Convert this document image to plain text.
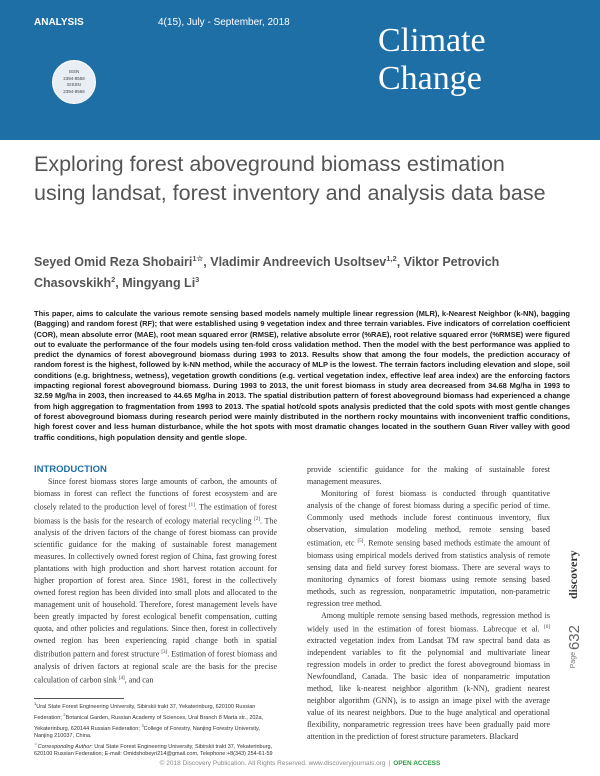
ANALYSIS	4(15), July - September, 2018	Climate
Change
ISSN
2394-8558
EISSN
2394-8566
Exploring forest aboveground biomass estimation using landsat, forest inventory and analysis data base
Seyed Omid Reza Shobairi$^{1☆}$, Vladimir Andreevich Usoltsev$^{1,2}$, Viktor Petrovich Chasovskikh$^2$, Mingyang Li$^3$

This paper, aims to calculate the various remote sensing based models namely multiple linear regression (MLR), k-Nearest Neighbor (k-NN), bagging (Bagging) and random forest (RF); that were established using 9 vegetation index and three terrain variables. Five indicators of correlation coefficient (COR), mean absolute error (MAE), root mean squared error (RMSE), relative absolute error (%RAE), root relative squared error (%RMSE) were figured out to evaluate the performance of the four models using ten-fold cross validation method. Then the model with the best performance was applied to predict the dynamics of forest aboveground biomass during 1993 to 2013. Results show that among the four models, the prediction accuracy of random forest is the highest, followed by k-NN method, while the accuracy of MLP is the lowest. The terrain factors including elevation and slope, soil conditions (e.g. brightness, wetness), vegetation growth conditions (e.g. vertical vegetation index, effective leaf area index) are the enforcing factors impacting regional forest aboveground biomass. During 1993 to 2013, the unit forest biomass in study area decreased from 34.68 Mg/ha in 1993 to 32.59 Mg/ha in 2003, then increased to 44.65 Mg/ha in 2013. The spatial distribution pattern of forest aboveground biomass had experienced a change from high aggregation to fragmentation from 1993 to 2013. The spatial hot/cold spots analysis predicted that the cold spots with most gentle changes of forest aboveground biomass during research period were mainly distributed in the northern rocky mountains with inconvenient traffic conditions, high forest cover and less human disturbance, while the hot spots with most dramatic changes located in the southern Guan River valley with good traffic conditions, high population density and gentle slope.

INTRODUCTION

Since forest biomass stores large amounts of carbon, the amounts of biomass in forest can reflect the functions of forest ecosystem and are closely related to the production level of forest [1]. The estimation of forest biomass is the basis for the research of ecology material recycling [2]. The analysis of the driven factors of the change of forest biomass can provide scientific guidance for the making of sustainable forest management measures. In collectively owned forest region of China, fast growing forest plantations with high production and short harvest rotation account for higher proportion of forest area. Since 1981, forest in the collectively owned forest region has been divided into small plots and allocated to the management unit of household. Therefore, forest management levels have been greatly impacted by forest ecological benefit compensation, cutting quota, and other policies and regulations. Since then, forest in collectively owned region has been experiencing rapid change both in spatial distribution pattern and forest structure [3]. Estimation of forest biomass and analysis of driven factors at regional scale are the basis for the precise calculation of carbon sink [4], and can

$^1$Ural State Forest Engineering University, Sibirskii trakt 37, Yekaterinburg, 620100 Russian Federation; $^2$Botanical Garden, Russian Academy of Sciences, Ural Branch 8 Marta str., 202a, Yekaterinburg, 620144 Russian Federation; $^3$College of Forestry, Nanjing Forestry University, Nanjing 210037, China.

☆Corresponding Author: Ural State Forest Engineering University, Sibirskii trakt 37, Yekaterinburg, 620100 Russian Federation; E-mail: Omidshobeyri214@gmail.com, Telephone:+8(343) 254-61-59

provide scientific guidance for the making of sustainable forest management measures.

Monitoring of forest biomass is conducted through quantitative analysis of the change of forest biomass during a specific period of time. Commonly used methods include forest continuous inventory, flux observation, simulation modeling method, remote sensing based estimation, etc [5]. Remote sensing based methods estimate the amount of biomass using empirical models derived from statistics analysis of remote sensing data and field survey forest biomass. There are several ways to monitoring dynamics of forest biomass using remote sensing based methods, such as regression, nonparametric imputation, non-parametric regression tree method.

Among multiple remote sensing based methods, regression method is widely used in the estimation of forest biomass. Labrecque et al. [6] extracted vegetation index from Landsat TM raw spectral band data as independent variables to fit the polynomial and multivariate linear regression models in order to predict the forest aboveground biomass in Newfoundland, Canada. The basic idea of nonparametric imputation method, like k-nearest neighbor algorithm (k-NN), gradient nearest neighbor algorithm (GNN), is to assign an image pixel with the average value of its nearest neighbors. Due to the huge analytical and operational flexibility, nonparametric regression trees have been gradually paid more attention in the prediction of forest structure parameters. Blackard

discovery
632
Page
© 2018 Discovery Publication. All Rights Reserved. www.discoveryjournals.org | OPEN ACCESS
